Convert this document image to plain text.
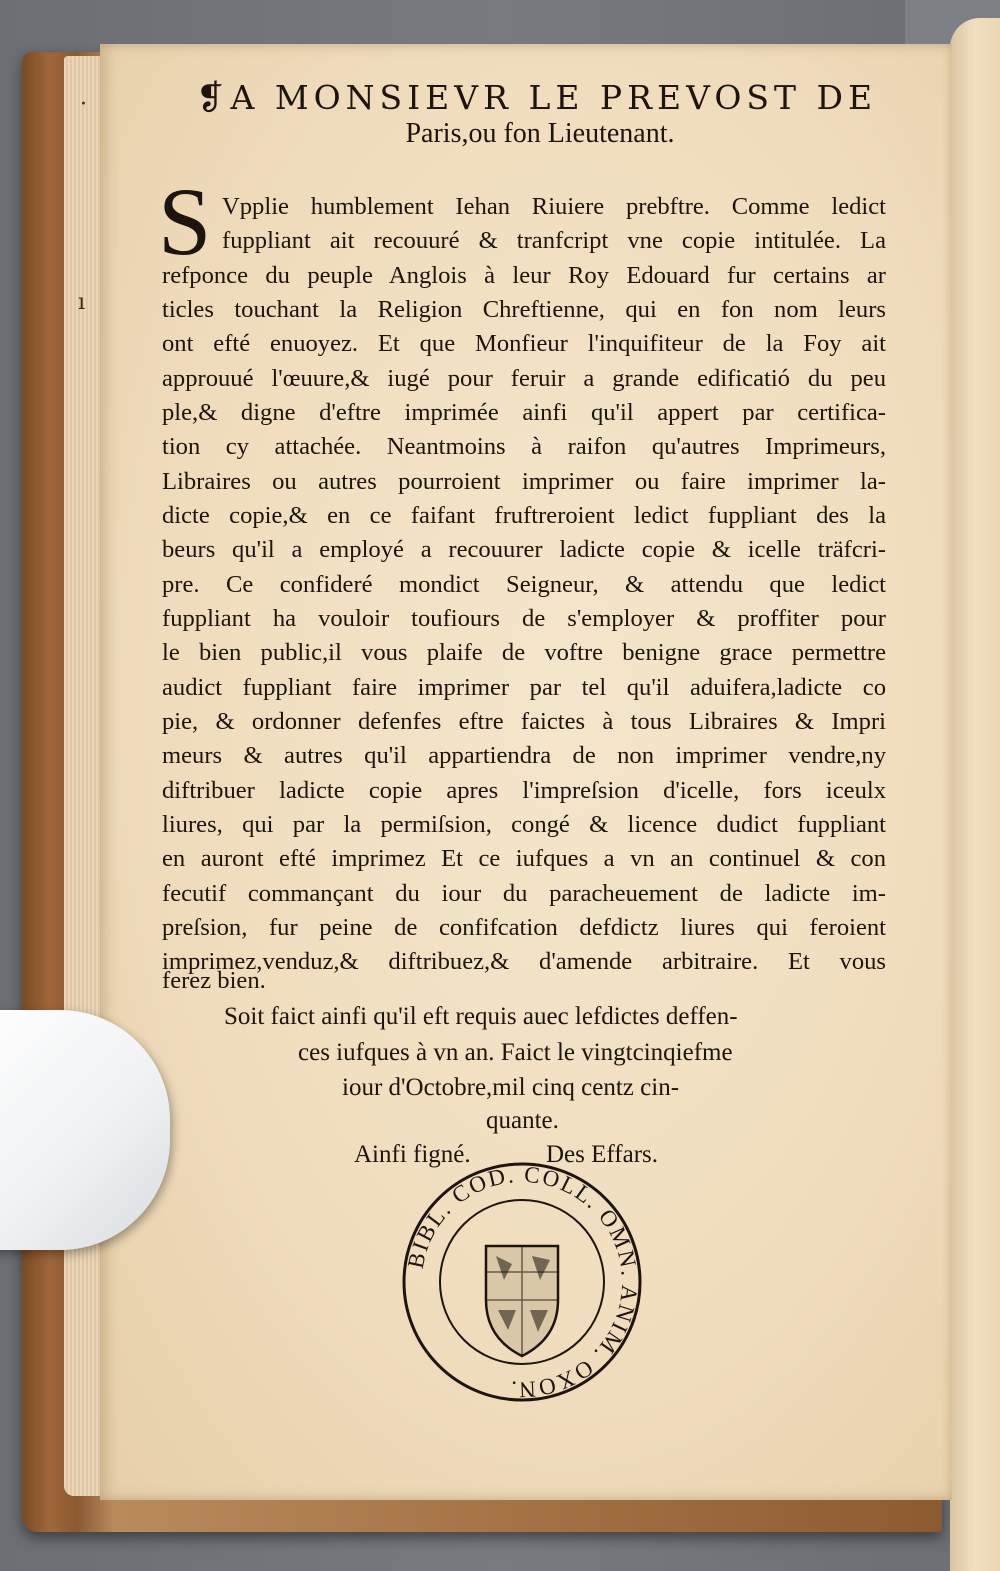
·
ı
❡ A MONSIEVR LE PREVOST DE
Paris,ou fon Lieutenant.
S Vpplie humblement Iehan Riuiere prebftre. Comme ledict
fuppliant ait recouuré & tranfcript vne copie intitulée. La
refponce du peuple Anglois à leur Roy Edouard fur certains ar
ticles touchant la Religion Chreftienne, qui en fon nom leurs
ont efté enuoyez. Et que Monfieur l'inquifiteur de la Foy ait
approuué l'œuure,& iugé pour feruir a grande edificatió du peu
ple,& digne d'eftre imprimée ainfi qu'il appert par certifica-
tion cy attachée. Neantmoins à raifon qu'autres Imprimeurs,
Libraires ou autres pourroient imprimer ou faire imprimer la-
dicte copie,& en ce faifant fruftreroient ledict fuppliant des la
beurs qu'il a employé a recouurer ladicte copie & icelle träfcri-
pre. Ce confideré mondict Seigneur, & attendu que ledict
fuppliant ha vouloir toufiours de s'employer & proffiter pour
le bien public,il vous plaife de voftre benigne grace permettre
audict fuppliant faire imprimer par tel qu'il aduifera,ladicte co
pie, & ordonner defenfes eftre faictes à tous Libraires & Impri
meurs & autres qu'il appartiendra de non imprimer vendre,ny
diftribuer ladicte copie apres l'impreſsion d'icelle, fors iceulx
liures, qui par la permiſsion, congé & licence dudict fuppliant
en auront efté imprimez Et ce iufques a vn an continuel & con
fecutif commançant du iour du paracheuement de ladicte im-
preſsion, fur peine de confifcation defdictz liures qui feroient
imprimez,venduz,& diftribuez,& d'amende arbitraire. Et vous
ferez bien.
Soit faict ainfi qu'il eft requis auec lefdictes deffen-
ces iufques à vn an. Faict le vingtcinqiefme
iour d'Octobre,mil cinq centz cin-
quante.
Ainfi figné.	Des Effars.
BIBL. COD. COLL. OMN. ANIM. OXON.
